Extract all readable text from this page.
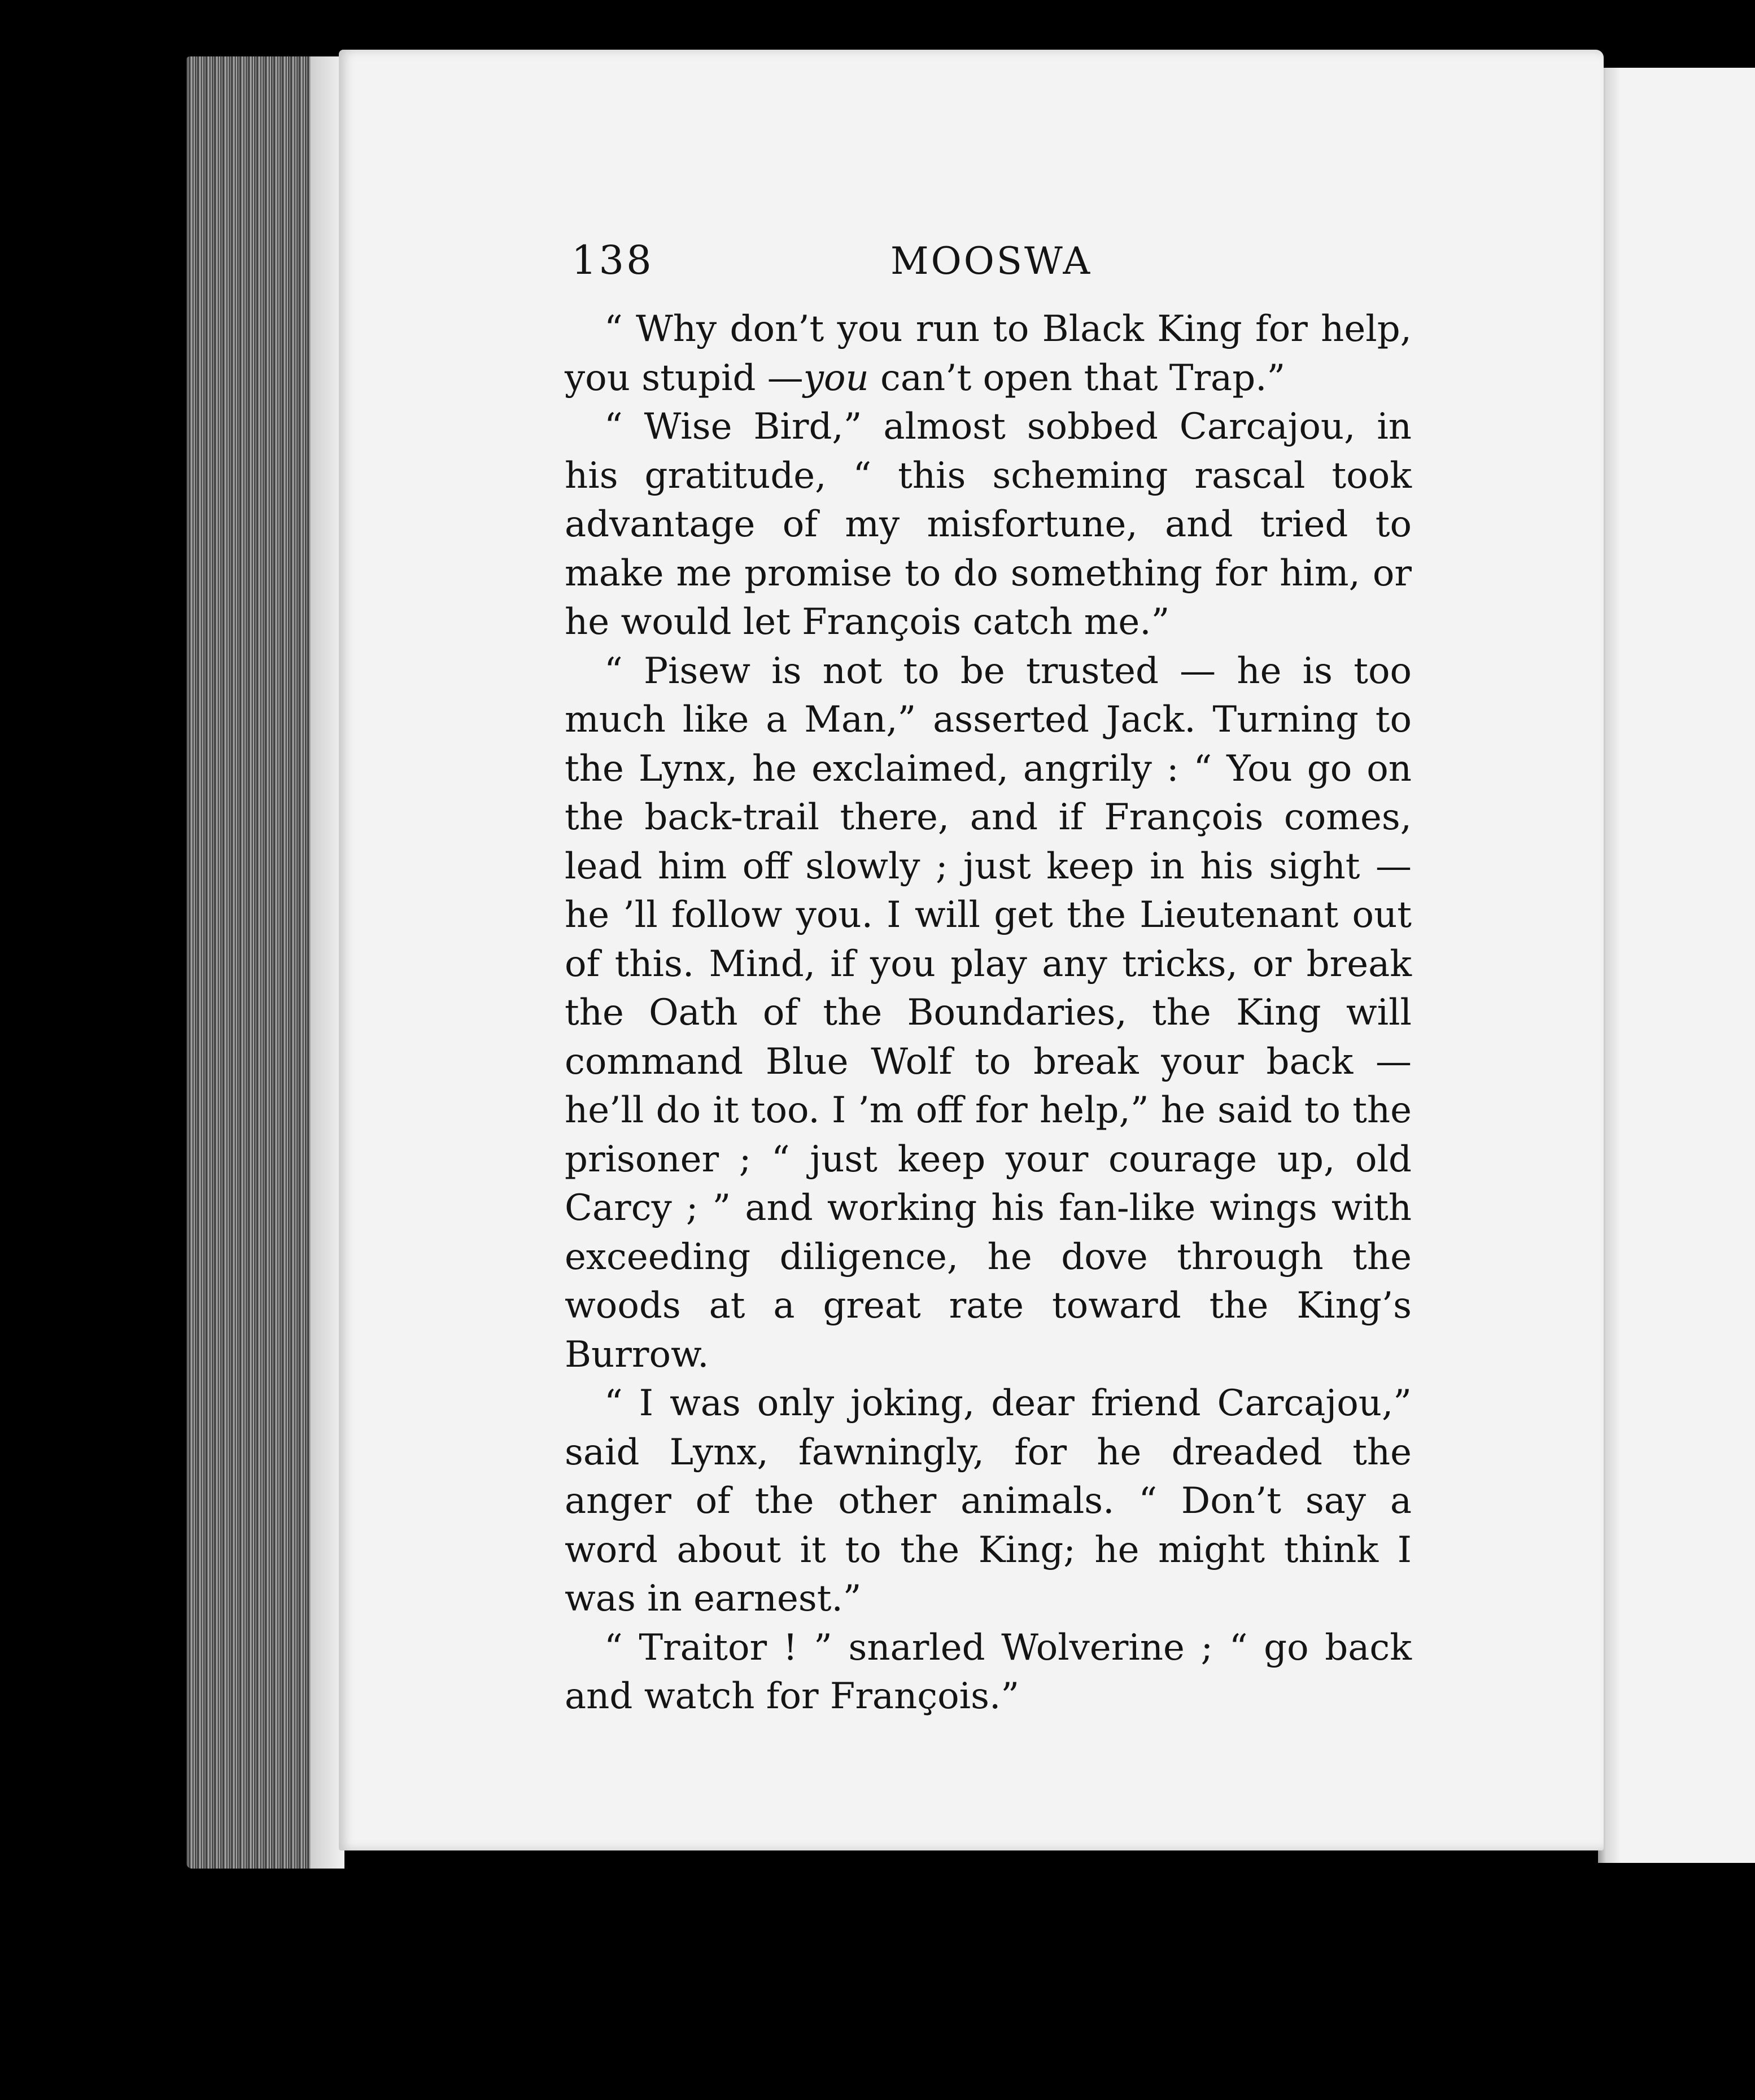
138	MOOSWA

“ Why don’t you run to Black King for help, you stupid —you can’t open that Trap.”

“ Wise Bird,” almost sobbed Carcajou, in his gratitude, “ this scheming rascal took advantage of my misfortune, and tried to make me promise to do something for him, or he would let François catch me.”

“ Pisew is not to be trusted — he is too much like a Man,” asserted Jack. Turning to the Lynx, he exclaimed, angrily : “ You go on the back-trail there, and if François comes, lead him off slowly ; just keep in his sight — he ’ll follow you. I will get the Lieutenant out of this. Mind, if you play any tricks, or break the Oath of the Boundaries, the King will command Blue Wolf to break your back — he’ll do it too. I ’m off for help,” he said to the prisoner ; “ just keep your courage up, old Carcy ; ” and working his fan-like wings with exceeding diligence, he dove through the woods at a great rate toward the King’s Burrow.

“ I was only joking, dear friend Carcajou,” said Lynx, fawningly, for he dreaded the anger of the other animals. “ Don’t say a word about it to the King; he might think I was in earnest.”

“ Traitor ! ” snarled Wolverine ; “ go back and watch for François.”
